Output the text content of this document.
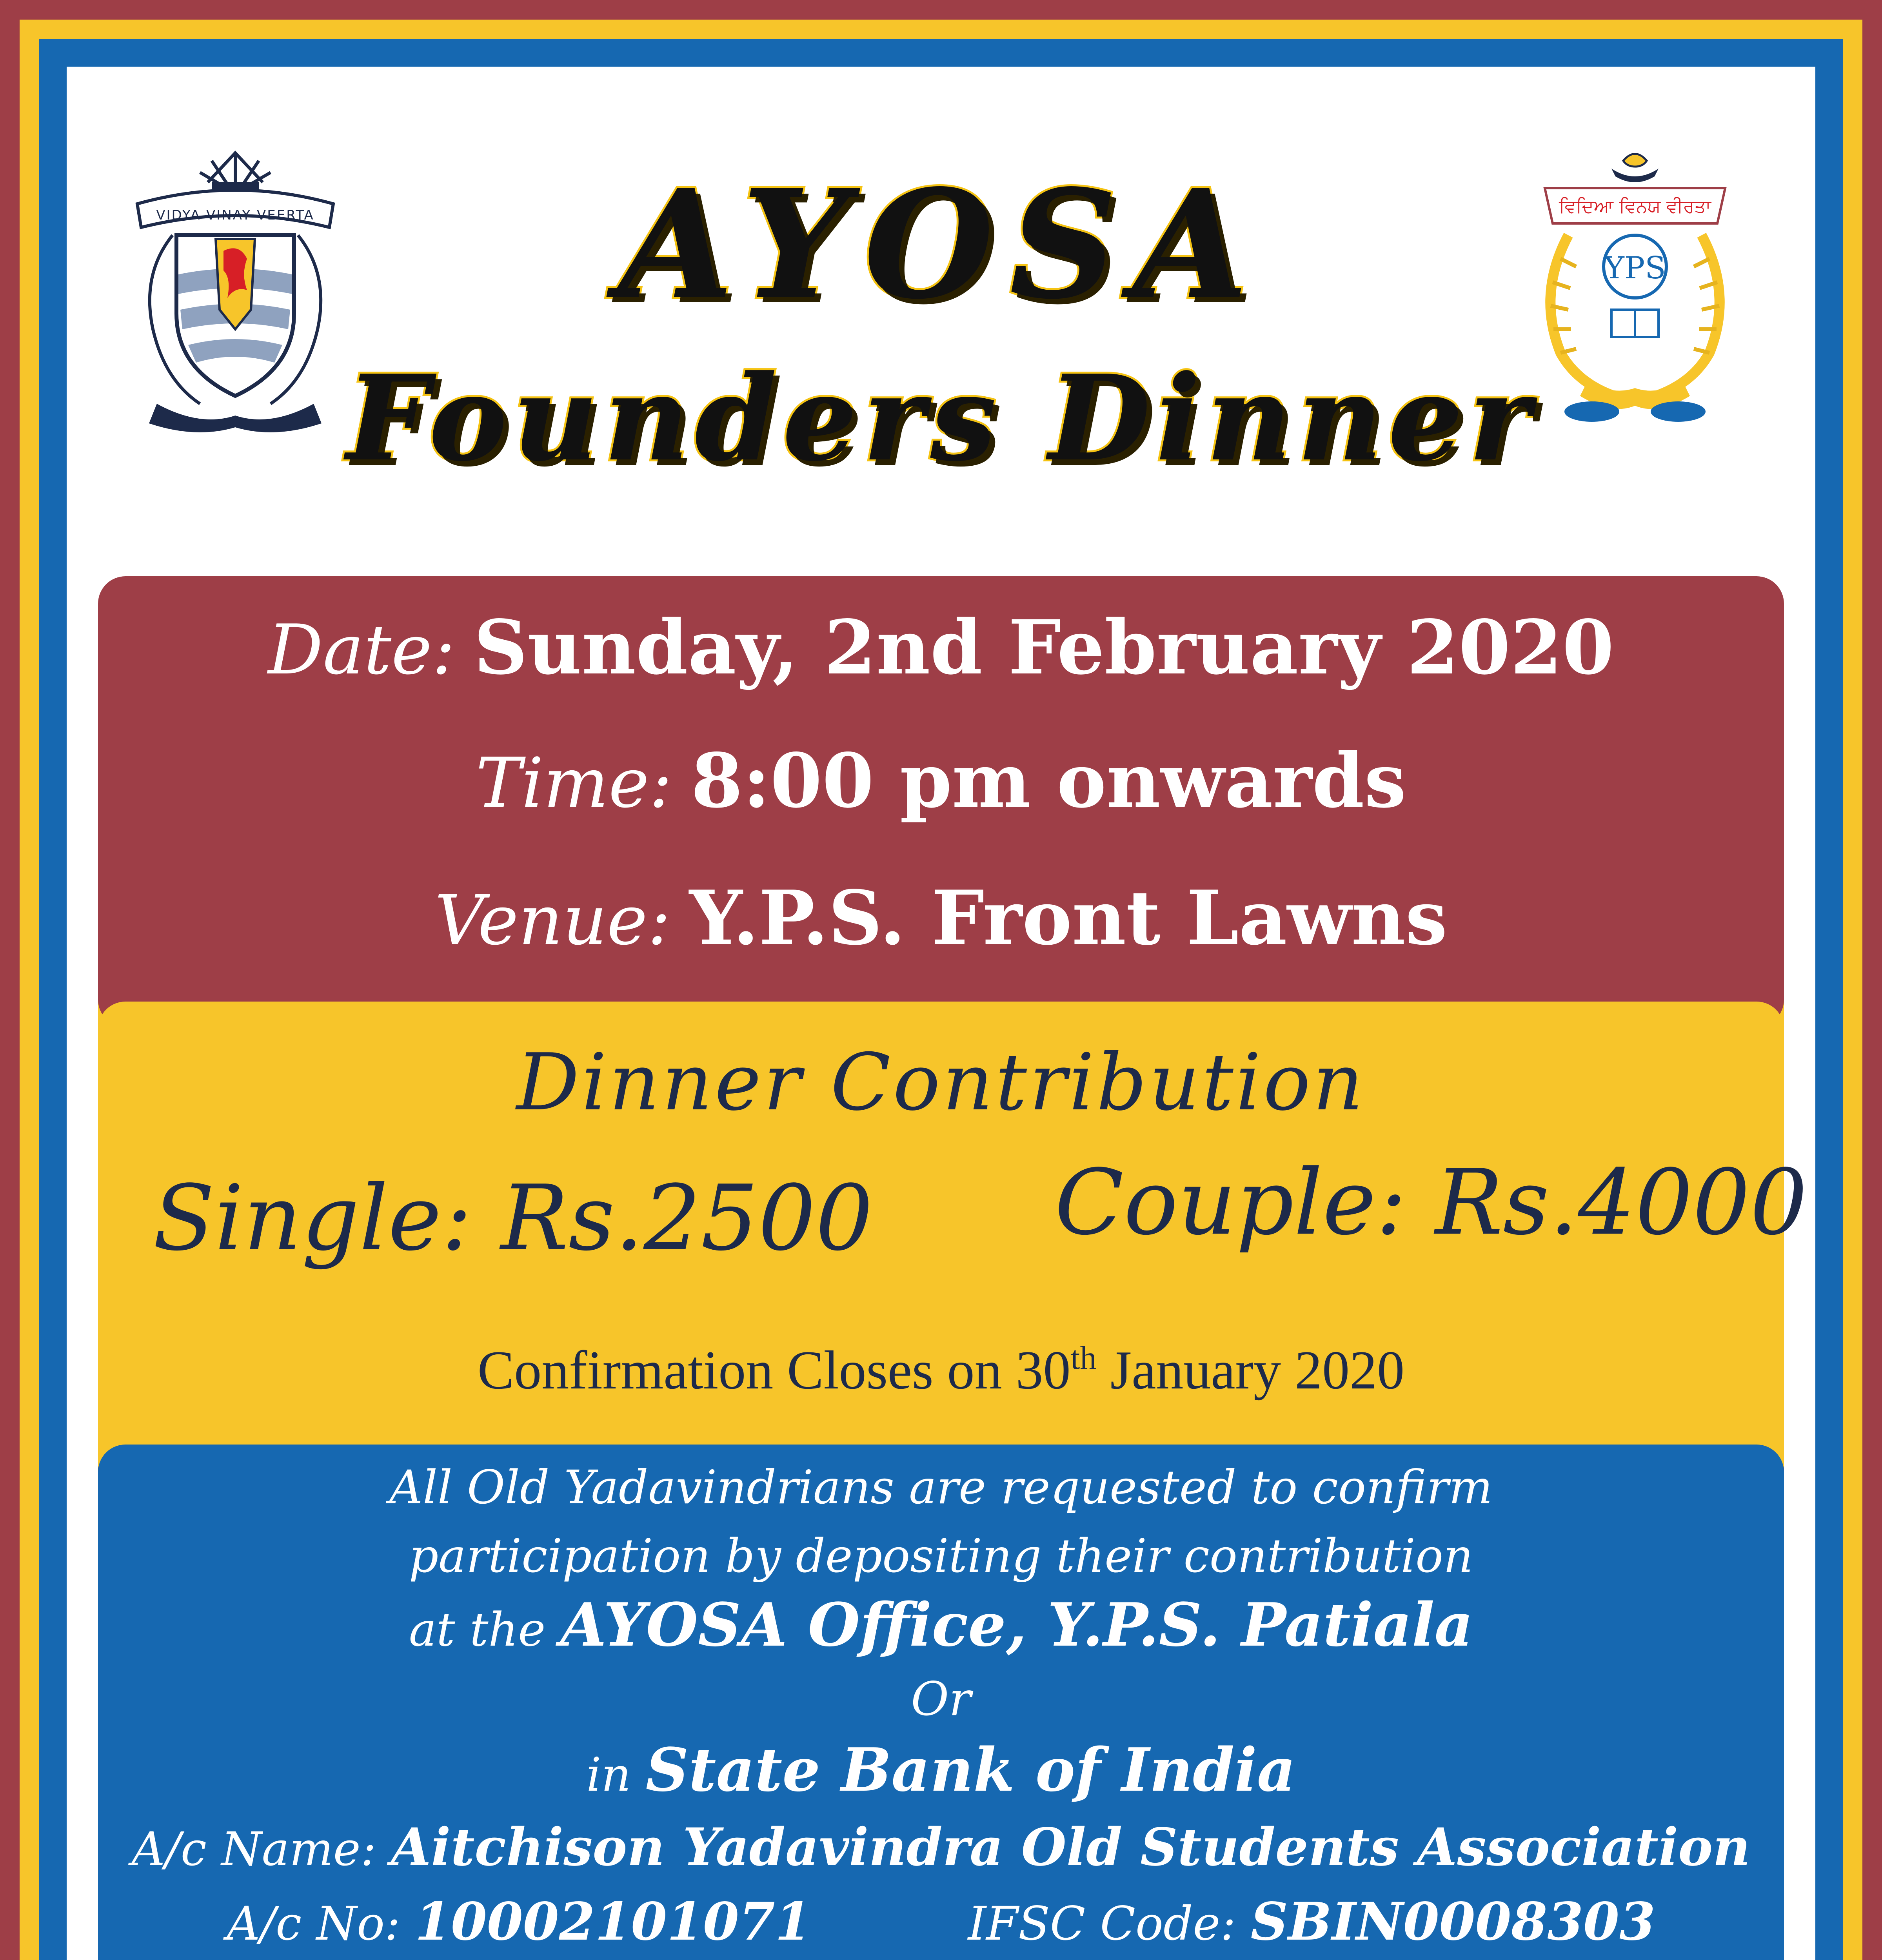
VIDYA VINAY VEERTA	ਵਿਦਿਆ ਵਿਨਯ ਵੀਰਤਾ
YPS
AYOSA
Founders Dinner

Date: Sunday, 2nd February 2020

Time: 8:00 pm onwards

Venue: Y.P.S. Front Lawns

Dinner Contribution

Single: Rs.2500 Couple: Rs.4000

Confirmation Closes on 30th January 2020

All Old Yadavindrians are requested to confirm

participation by depositing their contribution

at the AYOSA Office, Y.P.S. Patiala

Or

in State Bank of India

A/c Name: Aitchison Yadavindra Old Students Association

A/c No: 10002101071	IFSC Code: SBIN0008303
